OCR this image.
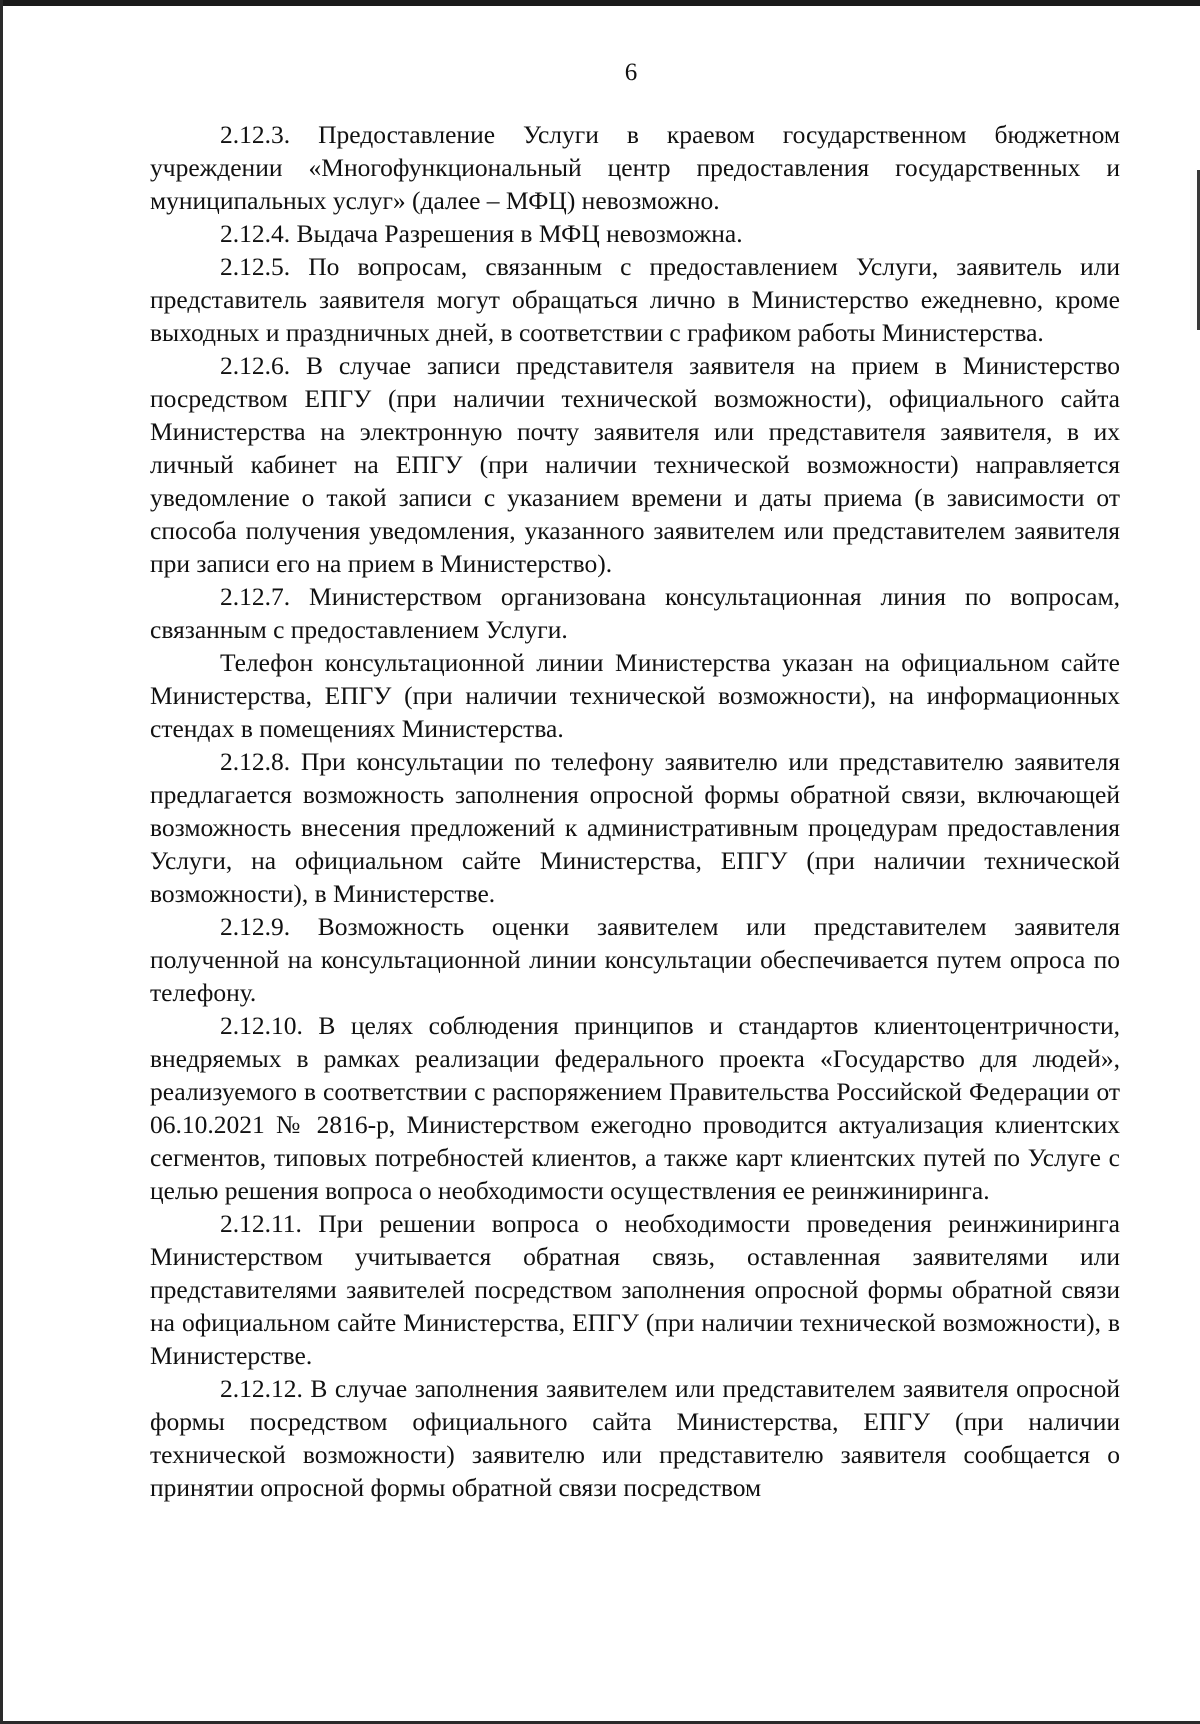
6

2.12.3. Предоставление Услуги в краевом государственном бюджетном учреждении «Многофункциональный центр предоставления государственных и муниципальных услуг» (далее – МФЦ) невозможно.

2.12.4. Выдача Разрешения в МФЦ невозможна.

2.12.5. По вопросам, связанным с предоставлением Услуги, заявитель или представитель заявителя могут обращаться лично в Министерство ежедневно, кроме выходных и праздничных дней, в соответствии с графиком работы Министерства.

2.12.6. В случае записи представителя заявителя на прием в Министерство посредством ЕПГУ (при наличии технической возможности), официального сайта Министерства на электронную почту заявителя или представителя заявителя, в их личный кабинет на ЕПГУ (при наличии технической возможности) направляется уведомление о такой записи с указанием времени и даты приема (в зависимости от способа получения уведомления, указанного заявителем или представителем заявителя при записи его на прием в Министерство).

2.12.7. Министерством организована консультационная линия по вопросам, связанным с предоставлением Услуги.

Телефон консультационной линии Министерства указан на официальном сайте Министерства, ЕПГУ (при наличии технической возможности), на информационных стендах в помещениях Министерства.

2.12.8. При консультации по телефону заявителю или представителю заявителя предлагается возможность заполнения опросной формы обратной связи, включающей возможность внесения предложений к административным процедурам предоставления Услуги, на официальном сайте Министерства, ЕПГУ (при наличии технической возможности), в Министерстве.

2.12.9. Возможность оценки заявителем или представителем заявителя полученной на консультационной линии консультации обеспечивается путем опроса по телефону.

2.12.10. В целях соблюдения принципов и стандартов клиентоцентричности, внедряемых в рамках реализации федерального проекта «Государство для людей», реализуемого в соответствии с распоряжением Правительства Российской Федерации от 06.10.2021 № 2816-р, Министерством ежегодно проводится актуализация клиентских сегментов, типовых потребностей клиентов, а также карт клиентских путей по Услуге с целью решения вопроса о необходимости осуществления ее реинжиниринга.

2.12.11. При решении вопроса о необходимости проведения реинжиниринга Министерством учитывается обратная связь, оставленная заявителями или представителями заявителей посредством заполнения опросной формы обратной связи на официальном сайте Министерства, ЕПГУ (при наличии технической возможности), в Министерстве.

2.12.12. В случае заполнения заявителем или представителем заявителя опросной формы посредством официального сайта Министерства, ЕПГУ (при наличии технической возможности) заявителю или представителю заявителя сообщается о принятии опросной формы обратной связи посредством
